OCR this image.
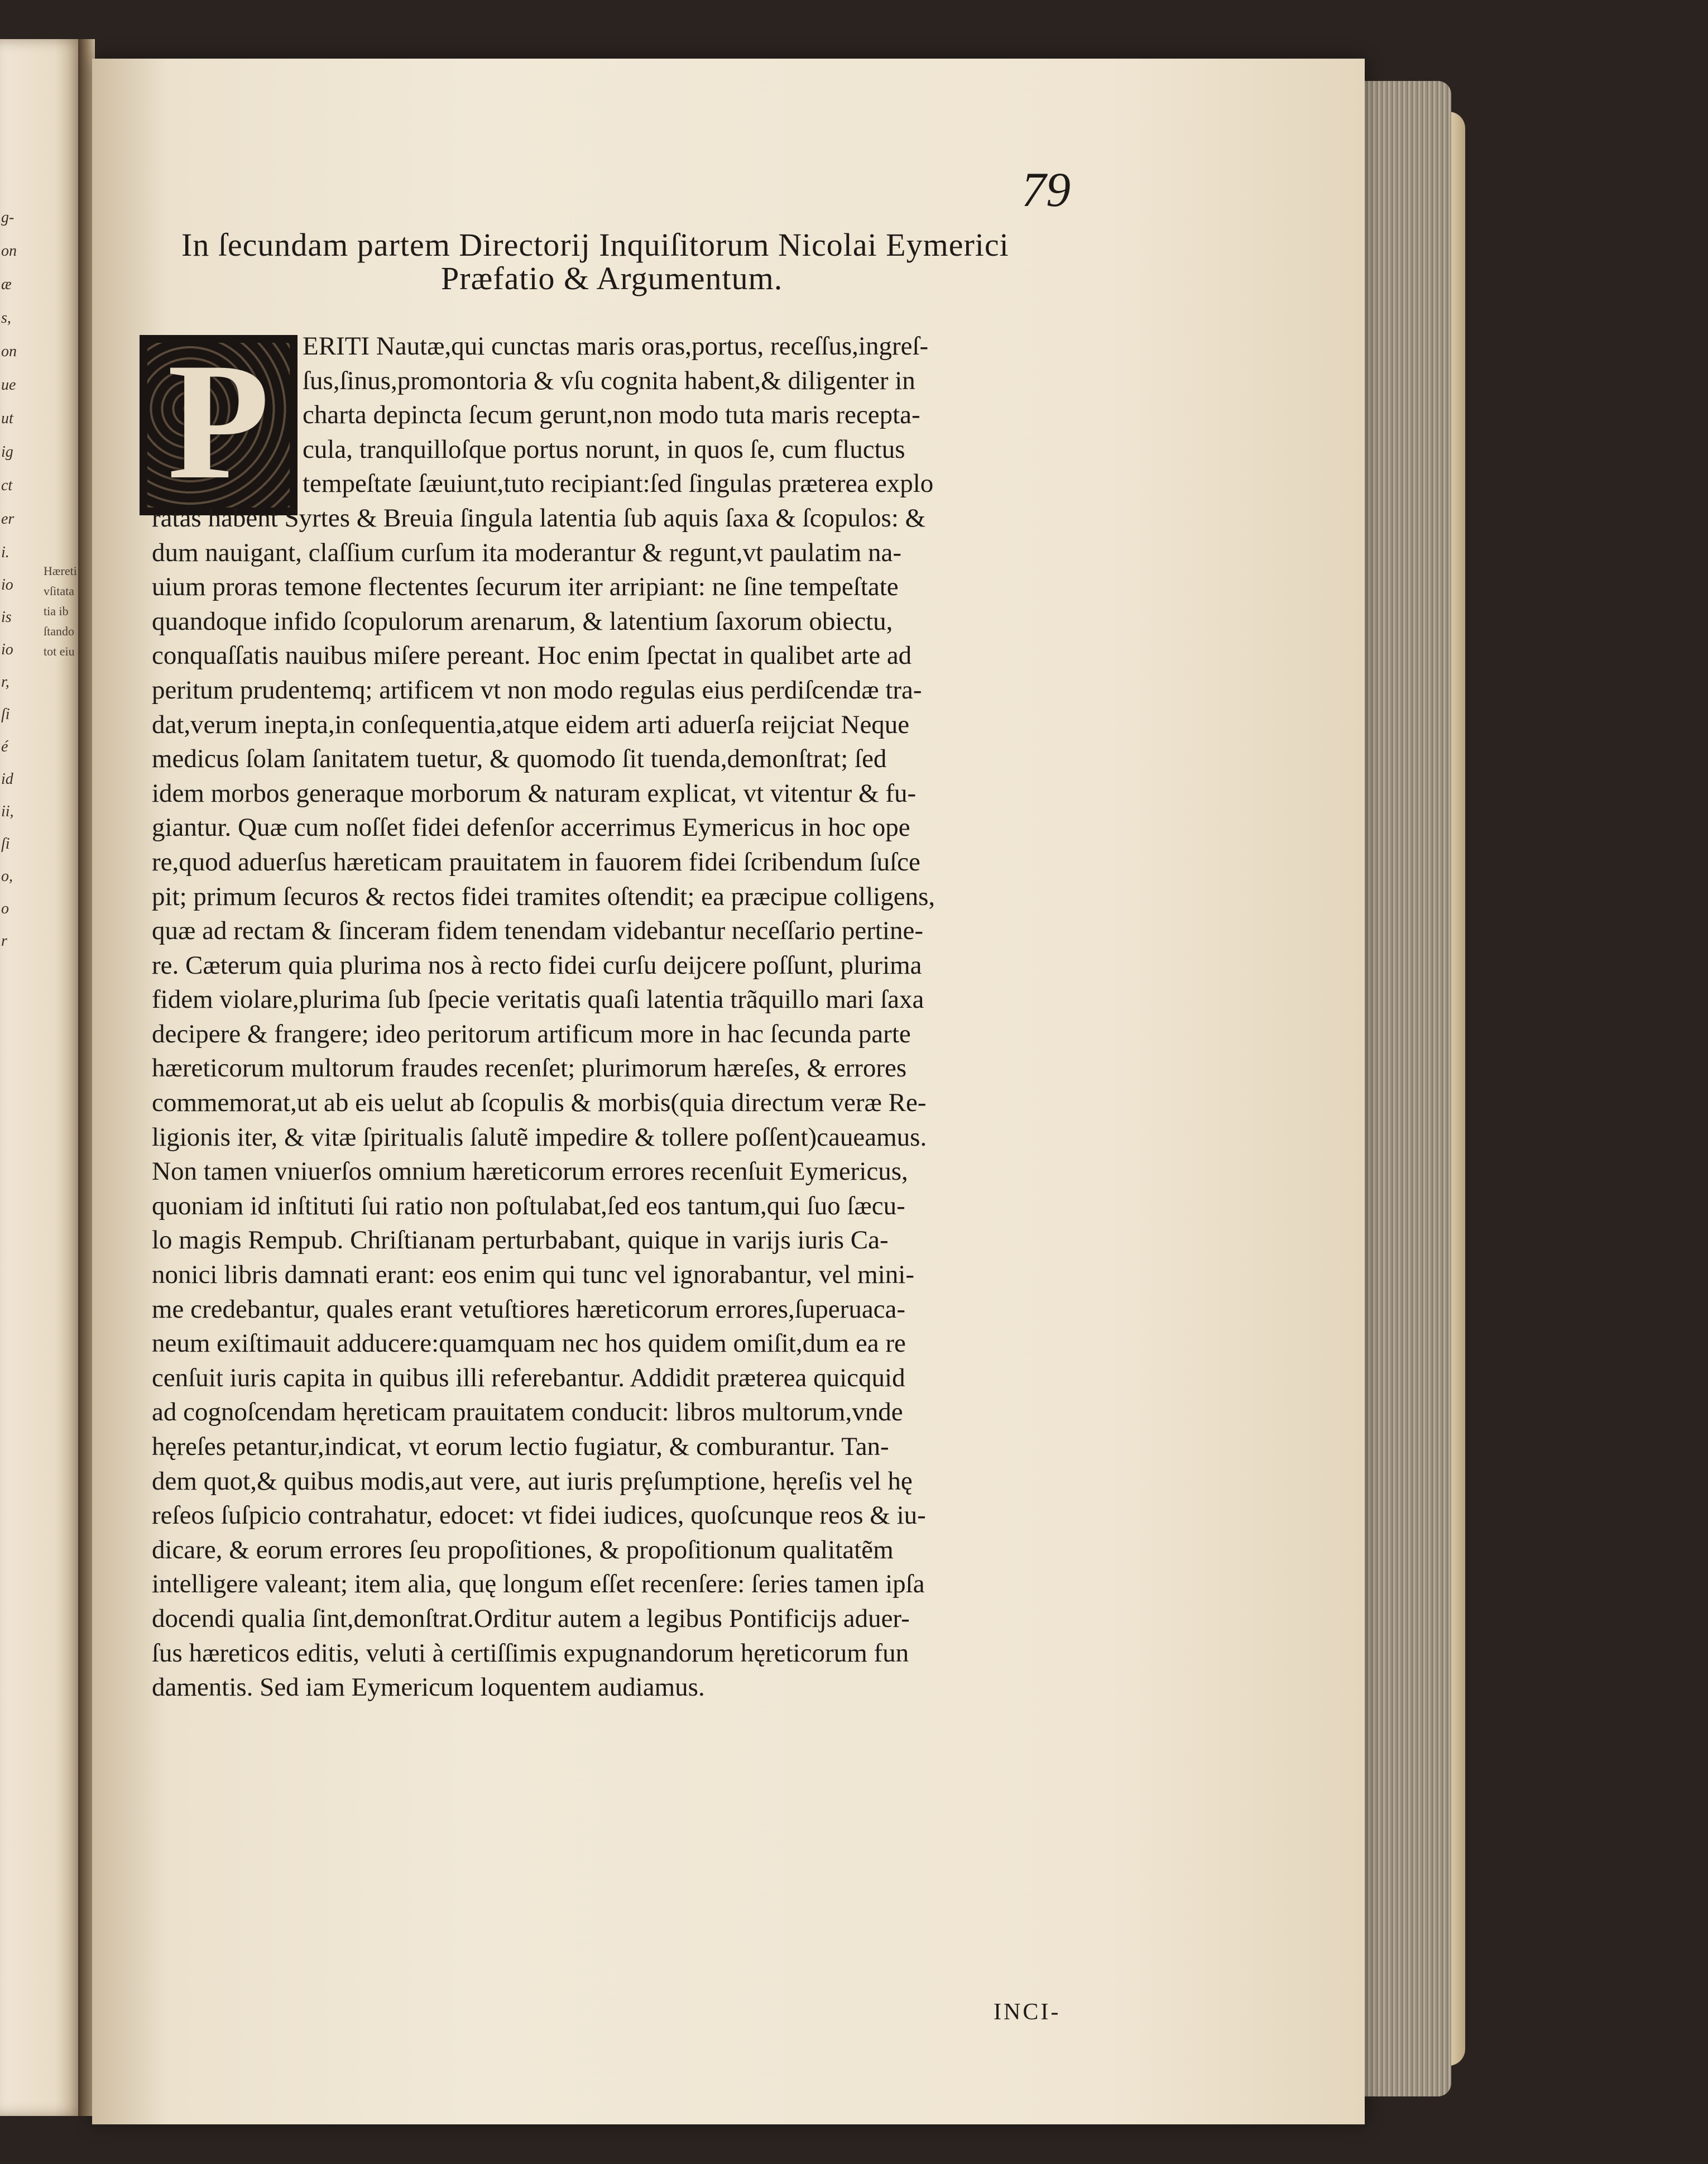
g-
on
æ
s,
on
ue
ut
ig
ct
er
i.
io
is
io
r,
ſi
é
id
ii,
ſi
o,
o
r
Hæreti
vſitata
tia ib
ſtando
tot eiu
79
In ſecundam partem Directorij Inquiſitorum Nicolai Eymerici
Præfatio & Argumentum.
P	ERITI Nautæ,qui cunctas maris oras,portus, receſſus,ingreſ-
ſus,ſinus,promontoria & vſu cognita habent,& diligenter in
charta depincta ſecum gerunt,non modo tuta maris recepta-
cula, tranquilloſque portus norunt, in quos ſe, cum fluctus
tempeſtate ſæuiunt,tuto recipiant:ſed ſingulas præterea explo
ratas habent Syrtes & Breuia ſingula latentia ſub aquis ſaxa & ſcopulos: &
dum nauigant, claſſium curſum ita moderantur & regunt,vt paulatim na-
uium proras temone flectentes ſecurum iter arripiant: ne ſine tempeſtate
quandoque infido ſcopulorum arenarum, & latentium ſaxorum obiectu,
conquaſſatis nauibus miſere pereant. Hoc enim ſpectat in qualibet arte ad
peritum prudentemq; artificem vt non modo regulas eius perdiſcendæ tra-
dat,verum inepta,in conſequentia,atque eidem arti aduerſa reijciat Neque
medicus ſolam ſanitatem tuetur, & quomodo ſit tuenda,demonſtrat; ſed
idem morbos generaque morborum & naturam explicat, vt vitentur & fu-
giantur. Quæ cum noſſet fidei defenſor accerrimus Eymericus in hoc ope
re,quod aduerſus hæreticam prauitatem in fauorem fidei ſcribendum ſuſce
pit; primum ſecuros & rectos fidei tramites oſtendit; ea præcipue colligens,
quæ ad rectam & ſinceram fidem tenendam videbantur neceſſario pertine-
re. Cæterum quia plurima nos à recto fidei curſu deijcere poſſunt, plurima
fidem violare,plurima ſub ſpecie veritatis quaſi latentia trãquillo mari ſaxa
decipere & frangere; ideo peritorum artificum more in hac ſecunda parte
hæreticorum multorum fraudes recenſet; plurimorum hæreſes, & errores
commemorat,ut ab eis uelut ab ſcopulis & morbis(quia directum veræ Re-
ligionis iter, & vitæ ſpiritualis ſalutẽ impedire & tollere poſſent)caueamus.
Non tamen vniuerſos omnium hæreticorum errores recenſuit Eymericus,
quoniam id inſtituti ſui ratio non poſtulabat,ſed eos tantum,qui ſuo ſæcu-
lo magis Rempub. Chriſtianam perturbabant, quique in varijs iuris Ca-
nonici libris damnati erant: eos enim qui tunc vel ignorabantur, vel mini-
me credebantur, quales erant vetuſtiores hæreticorum errores,ſuperuaca-
neum exiſtimauit adducere:quamquam nec hos quidem omiſit,dum ea re
cenſuit iuris capita in quibus illi referebantur. Addidit præterea quicquid
ad cognoſcendam hęreticam prauitatem conducit: libros multorum,vnde
hęreſes petantur,indicat, vt eorum lectio fugiatur, & comburantur. Tan-
dem quot,& quibus modis,aut vere, aut iuris prȩſumptione, hęreſis vel hę
reſeos ſuſpicio contrahatur, edocet: vt fidei iudices, quoſcunque reos & iu-
dicare, & eorum errores ſeu propoſitiones, & propoſitionum qualitatẽm
intelligere valeant; item alia, quę longum eſſet recenſere: ſeries tamen ipſa
docendi qualia ſint,demonſtrat.Orditur autem a legibus Pontificijs aduer-
ſus hæreticos editis, veluti à certiſſimis expugnandorum hęreticorum fun
damentis. Sed iam Eymericum loquentem audiamus.
INCI-
